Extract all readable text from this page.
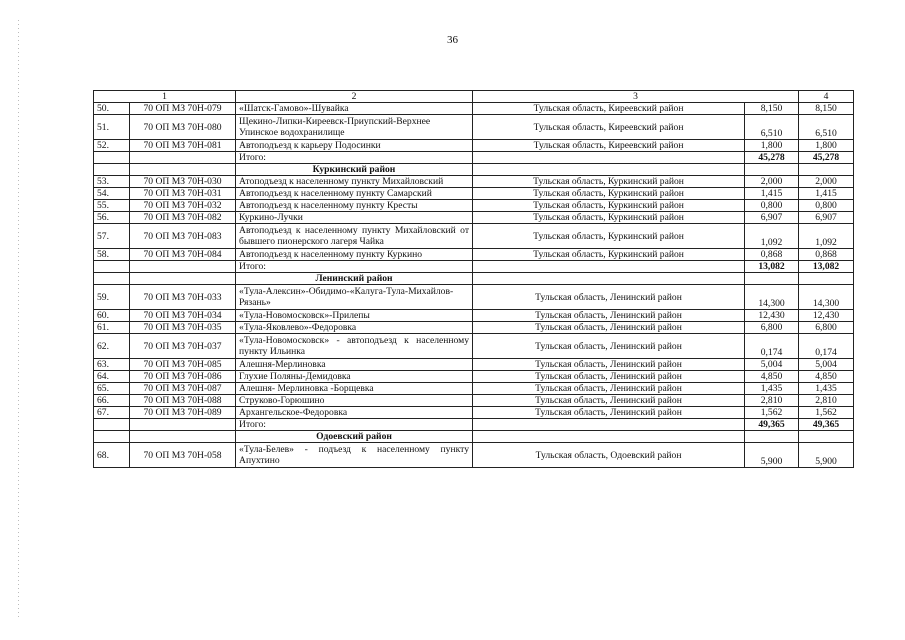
36
1		2	3		4
50.	70 ОП МЗ 70Н-079	«Шатск-Гамово»-Шувайка	Тульская область, Киреевский район	8,150	8,150
51.	70 ОП МЗ 70Н-080	Щекино-Липки-Киреевск-Приупский-Верхнее Упинское водохранилище	Тульская область, Киреевский район	6,510	6,510
52.	70 ОП МЗ 70Н-081	Автоподъезд к карьеру Подосинки	Тульская область, Киреевский район	1,800	1,800
		Итого:		45,278	45,278
		Куркинский район			
53.	70 ОП МЗ 70Н-030	Атоподъезд к населенному пункту Михайловский	Тульская область, Куркинский район	2,000	2,000
54.	70 ОП МЗ 70Н-031	Автоподъезд к населенному пункту Самарский	Тульская область, Куркинский район	1,415	1,415
55.	70 ОП МЗ 70Н-032	Автоподъезд к населенному пункту Кресты	Тульская область, Куркинский район	0,800	0,800
56.	70 ОП МЗ 70Н-082	Куркино-Лучки	Тульская область, Куркинский район	6,907	6,907
57.	70 ОП МЗ 70Н-083	Автоподъезд к населенному пункту Михайловский от бывшего пионерского лагеря Чайка	Тульская область, Куркинский район	1,092	1,092
58.	70 ОП МЗ 70Н-084	Автоподъезд к населенному пункту Куркино	Тульская область, Куркинский район	0,868	0,868
		Итого:		13,082	13,082
		Ленинский район			
59.	70 ОП МЗ 70Н-033	«Тула-Алексин»-Обидимо-«Калуга-Тула-Михайлов-Рязань»	Тульская область, Ленинский район	14,300	14,300
60.	70 ОП МЗ 70Н-034	«Тула-Новомосковск»-Прилепы	Тульская область, Ленинский район	12,430	12,430
61.	70 ОП МЗ 70Н-035	«Тула-Яковлево»-Федоровка	Тульская область, Ленинский район	6,800	6,800
62.	70 ОП МЗ 70Н-037	«Тула-Новомосковск» - автоподъезд к населенному пункту Ильинка	Тульская область, Ленинский район	0,174	0,174
63.	70 ОП МЗ 70Н-085	Алешня-Мерлиновка	Тульская область, Ленинский район	5,004	5,004
64.	70 ОП МЗ 70Н-086	Глухие Поляны-Демидовка	Тульская область, Ленинский район	4,850	4,850
65.	70 ОП МЗ 70Н-087	Алешня- Мерлиновка -Борщевка	Тульская область, Ленинский район	1,435	1,435
66.	70 ОП МЗ 70Н-088	Струково-Горюшино	Тульская область, Ленинский район	2,810	2,810
67.	70 ОП МЗ 70Н-089	Архангельское-Федоровка	Тульская область, Ленинский район	1,562	1,562
		Итого:		49,365	49,365
		Одоевский район			
68.	70 ОП МЗ 70Н-058	«Тула-Белев» - подъезд к населенному пункту Апухтино	Тульская область, Одоевский район	5,900	5,900
